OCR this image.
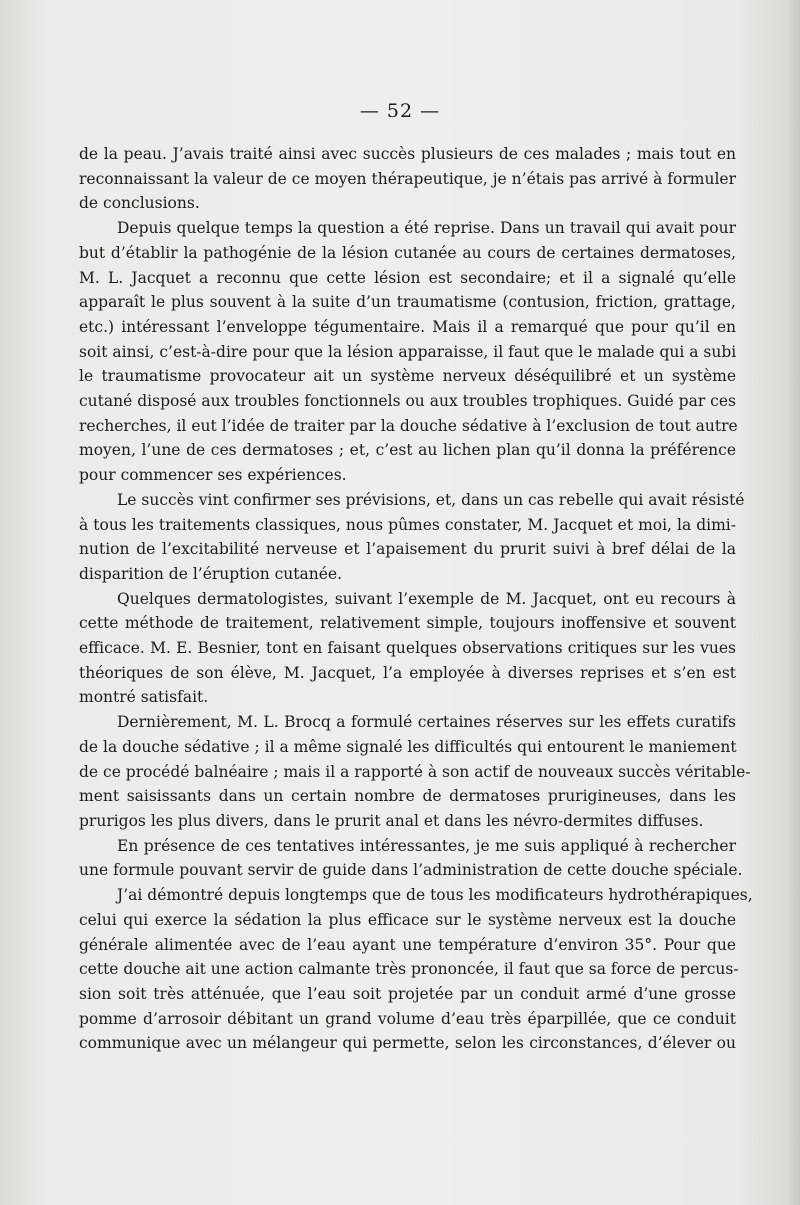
— 52 —

de la peau. J’avais traité ainsi avec succès plusieurs de ces malades ; mais tout en

reconnaissant la valeur de ce moyen thérapeutique, je n’étais pas arrivé à formuler

de conclusions.

Depuis quelque temps la question a été reprise. Dans un travail qui avait pour

but d’établir la pathogénie de la lésion cutanée au cours de certaines dermatoses,

M. L. Jacquet a reconnu que cette lésion est secondaire; et il a signalé qu’elle

apparaît le plus souvent à la suite d’un traumatisme (contusion, friction, grattage,

etc.) intéressant l’enveloppe tégumentaire. Mais il a remarqué que pour qu’il en

soit ainsi, c’est-à-dire pour que la lésion apparaisse, il faut que le malade qui a subi

le traumatisme provocateur ait un système nerveux déséquilibré et un système

cutané disposé aux troubles fonctionnels ou aux troubles trophiques. Guidé par ces

recherches, il eut l’idée de traiter par la douche sédative à l’exclusion de tout autre

moyen, l’une de ces dermatoses ; et, c’est au lichen plan qu’il donna la préférence

pour commencer ses expériences.

Le succès vint confirmer ses prévisions, et, dans un cas rebelle qui avait résisté

à tous les traitements classiques, nous pûmes constater, M. Jacquet et moi, la dimi-

nution de l’excitabilité nerveuse et l’apaisement du prurit suivi à bref délai de la

disparition de l’éruption cutanée.

Quelques dermatologistes, suivant l’exemple de M. Jacquet, ont eu recours à

cette méthode de traitement, relativement simple, toujours inoffensive et souvent

efficace. M. E. Besnier, tont en faisant quelques observations critiques sur les vues

théoriques de son élève, M. Jacquet, l’a employée à diverses reprises et s’en est

montré satisfait.

Dernièrement, M. L. Brocq a formulé certaines réserves sur les effets curatifs

de la douche sédative ; il a même signalé les difficultés qui entourent le maniement

de ce procédé balnéaire ; mais il a rapporté à son actif de nouveaux succès véritable-

ment saisissants dans un certain nombre de dermatoses prurigineuses, dans les

prurigos les plus divers, dans le prurit anal et dans les névro-dermites diffuses.

En présence de ces tentatives intéressantes, je me suis appliqué à rechercher

une formule pouvant servir de guide dans l’administration de cette douche spéciale.

J’ai démontré depuis longtemps que de tous les modificateurs hydrothérapiques,

celui qui exerce la sédation la plus efficace sur le système nerveux est la douche

générale alimentée avec de l’eau ayant une température d’environ 35°. Pour que

cette douche ait une action calmante très prononcée, il faut que sa force de percus-

sion soit très atténuée, que l’eau soit projetée par un conduit armé d’une grosse

pomme d’arrosoir débitant un grand volume d’eau très éparpillée, que ce conduit

communique avec un mélangeur qui permette, selon les circonstances, d’élever ou
